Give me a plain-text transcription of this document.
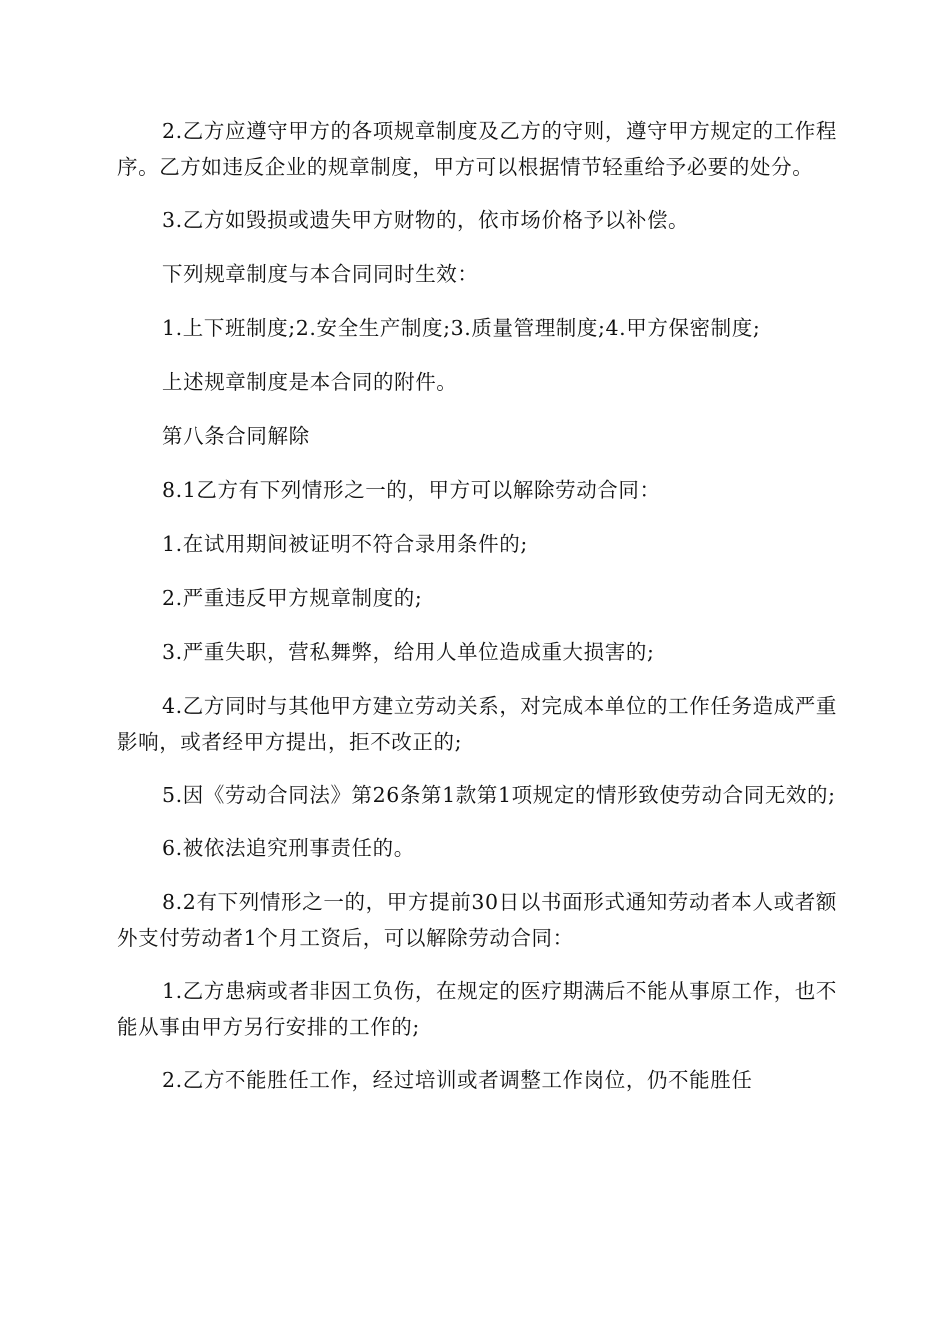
2.乙方应遵守甲方的各项规章制度及乙方的守则，遵守甲方规定的工作程序。乙方如违反企业的规章制度，甲方可以根据情节轻重给予必要的处分。

3.乙方如毁损或遗失甲方财物的，依市场价格予以补偿。

下列规章制度与本合同同时生效：

1.上下班制度;2.安全生产制度;3.质量管理制度;4.甲方保密制度;

上述规章制度是本合同的附件。

第八条合同解除

8.1乙方有下列情形之一的，甲方可以解除劳动合同：

1.在试用期间被证明不符合录用条件的;

2.严重违反甲方规章制度的;

3.严重失职，营私舞弊，给用人单位造成重大损害的;

4.乙方同时与其他甲方建立劳动关系，对完成本单位的工作任务造成严重影响，或者经甲方提出，拒不改正的;

5.因《劳动合同法》第26条第1款第1项规定的情形致使劳动合同无效的;

6.被依法追究刑事责任的。

8.2有下列情形之一的，甲方提前30日以书面形式通知劳动者本人或者额外支付劳动者1个月工资后，可以解除劳动合同：

1.乙方患病或者非因工负伤，在规定的医疗期满后不能从事原工作，也不能从事由甲方另行安排的工作的;

2.乙方不能胜任工作，经过培训或者调整工作岗位，仍不能胜任
